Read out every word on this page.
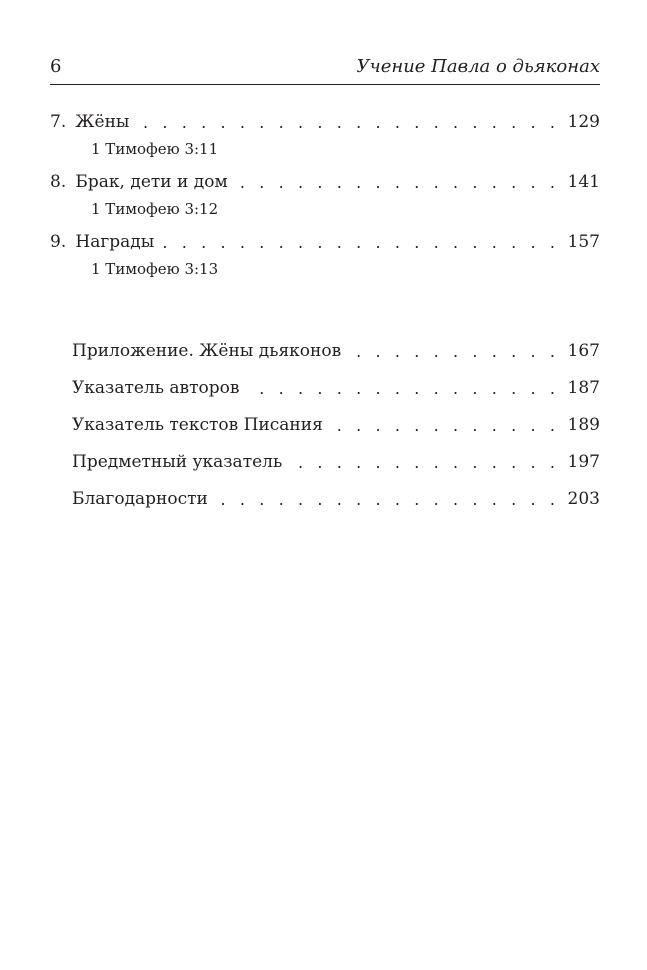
6	Учение Павла о дьяконах
7. Жёны . . .	129
1 Тимофею 3:11
8. Брак, дети и дом . . .	141
1 Тимофею 3:12
9. Награды . . .	157
1 Тимофею 3:13
Приложение. Жёны дьяконов . . .	167
Указатель авторов . . .	187
Указатель текстов Писания . . .	189
Предметный указатель . . .	197
Благодарности . . .	203
